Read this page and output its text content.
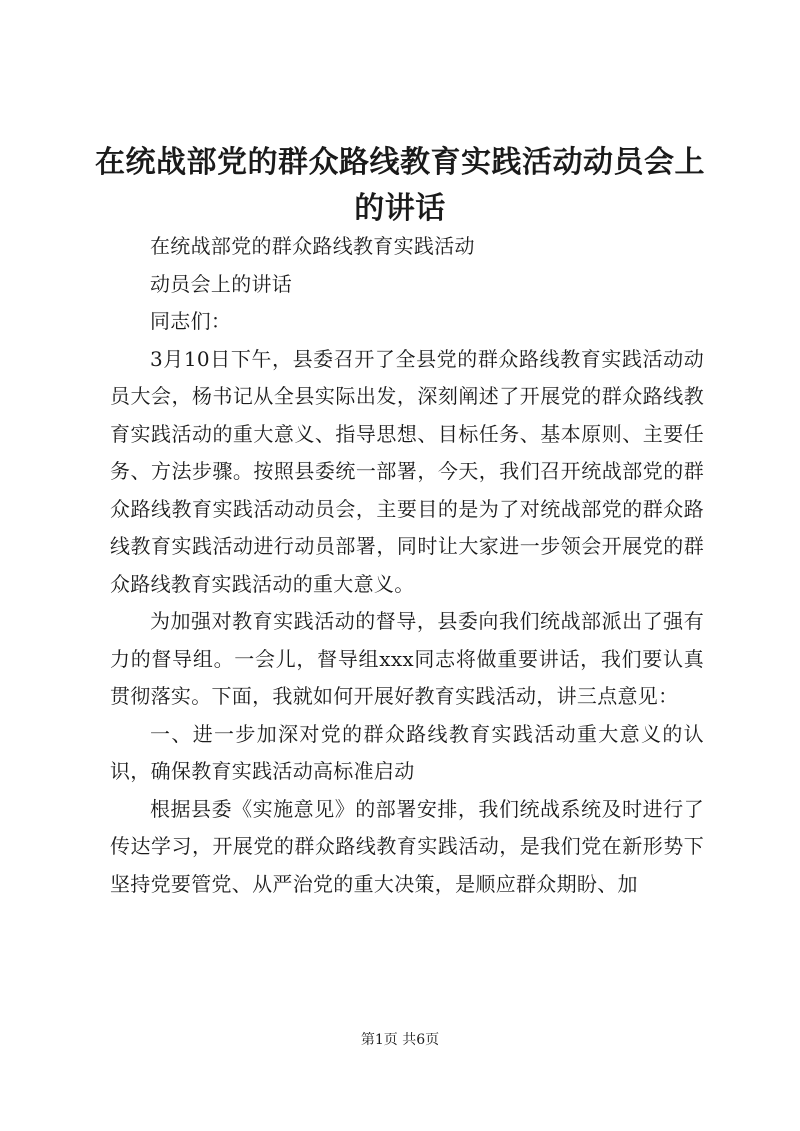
在统战部党的群众路线教育实践活动动员会上的讲话

在统战部党的群众路线教育实践活动

动员会上的讲话

同志们：

3月10日下午，县委召开了全县党的群众路线教育实践活动动员大会，杨书记从全县实际出发，深刻阐述了开展党的群众路线教育实践活动的重大意义、指导思想、目标任务、基本原则、主要任务、方法步骤。按照县委统一部署，今天，我们召开统战部党的群众路线教育实践活动动员会，主要目的是为了对统战部党的群众路线教育实践活动进行动员部署，同时让大家进一步领会开展党的群众路线教育实践活动的重大意义。

为加强对教育实践活动的督导，县委向我们统战部派出了强有力的督导组。一会儿，督导组xxx同志将做重要讲话，我们要认真贯彻落实。下面，我就如何开展好教育实践活动，讲三点意见：

一、进一步加深对党的群众路线教育实践活动重大意义的认识，确保教育实践活动高标准启动

根据县委《实施意见》的部署安排，我们统战系统及时进行了传达学习，开展党的群众路线教育实践活动，是我们党在新形势下坚持党要管党、从严治党的重大决策，是顺应群众期盼、加

第1页 共6页
